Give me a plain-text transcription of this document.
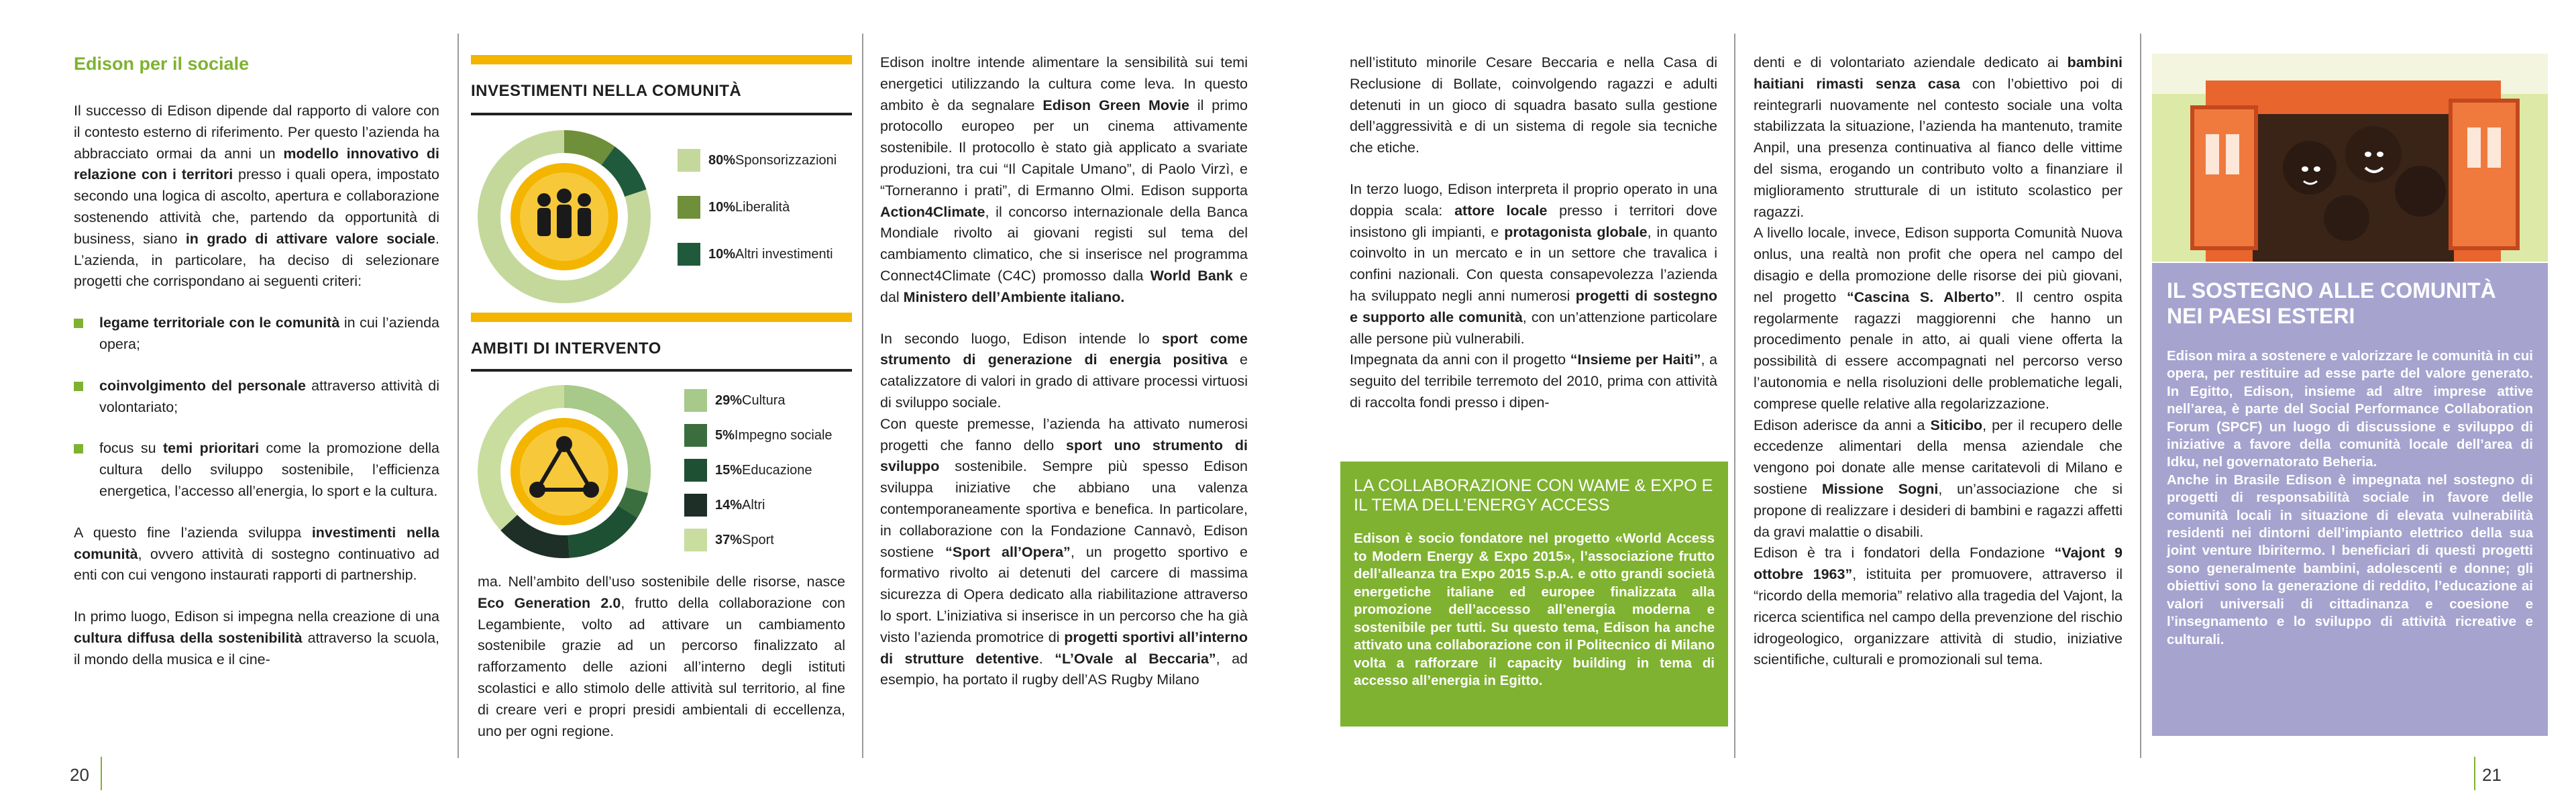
Edison per il sociale

Il successo di Edison dipende dal rapporto di valore con il contesto esterno di riferimento. Per questo l’azienda ha abbracciato ormai da anni un modello innovativo di relazione con i territori presso i quali opera, impostato secondo una logica di ascolto, apertura e collaborazione sostenendo attività che, partendo da opportunità di business, siano in grado di attivare valore sociale. L’azienda, in particolare, ha deciso di selezionare progetti che corrispondano ai seguenti criteri:

legame territoriale con le comunità in cui l’azienda opera;
coinvolgimento del personale attraverso attività di volontariato;
focus su temi prioritari come la promozione della cultura dello sviluppo sostenibile, l’efficienza energetica, l’accesso all’energia, lo sport e la cultura.

A questo fine l’azienda sviluppa investimenti nella comunità, ovvero attività di sostegno continuativo ad enti con cui vengono instaurati rapporti di partnership.

In primo luogo, Edison si impegna nella creazione di una cultura diffusa della sostenibilità attraverso la scuola, il mondo della musica e il cine-

INVESTIMENTI NELLA COMUNITÀ
80% Sponsorizzazioni
10% Liberalità
10% Altri investimenti
AMBITI DI INTERVENTO
29% Cultura
5% Impegno sociale
15% Educazione
14% Altri
37% Sport

ma. Nell’ambito dell’uso sostenibile delle risorse, nasce Eco Generation 2.0, frutto della collaborazione con Legambiente, volto ad attivare un cambiamento sostenibile grazie ad un percorso finalizzato al rafforzamento delle azioni all’interno degli istituti scolastici e allo stimolo delle attività sul territorio, al fine di creare veri e propri presidi ambientali di eccellenza, uno per ogni regione.

Edison inoltre intende alimentare la sensibilità sui temi energetici utilizzando la cultura come leva. In questo ambito è da segnalare Edison Green Movie il primo protocollo europeo per un cinema attivamente sostenibile. Il protocollo è stato già applicato a svariate produzioni, tra cui “Il Capitale Umano”, di Paolo Virzì, e “Torneranno i prati”, di Ermanno Olmi. Edison supporta Action4Climate, il concorso internazionale della Banca Mondiale rivolto ai giovani registi sul tema del cambiamento climatico, che si inserisce nel programma Connect4Climate (C4C) promosso dalla World Bank e dal Ministero dell’Ambiente italiano.

In secondo luogo, Edison intende lo sport come strumento di generazione di energia positiva e catalizzatore di valori in grado di attivare processi virtuosi di sviluppo sociale.

Con queste premesse, l’azienda ha attivato numerosi progetti che fanno dello sport uno strumento di sviluppo sostenibile. Sempre più spesso Edison sviluppa iniziative che abbiano una valenza contemporaneamente sportiva e benefica. In particolare, in collaborazione con la Fondazione Cannavò, Edison sostiene “Sport all’Opera”, un progetto sportivo e formativo rivolto ai detenuti del carcere di massima sicurezza di Opera dedicato alla riabilitazione attraverso lo sport. L’iniziativa si inserisce in un percorso che ha già visto l’azienda promotrice di progetti sportivi all’interno di strutture detentive. “L’Ovale al Beccaria”, ad esempio, ha portato il rugby dell’AS Rugby Milano

20

nell’istituto minorile Cesare Beccaria e nella Casa di Reclusione di Bollate, coinvolgendo ragazzi e adulti detenuti in un gioco di squadra basato sulla gestione dell’aggressività e di un sistema di regole sia tecniche che etiche.

In terzo luogo, Edison interpreta il proprio operato in una doppia scala: attore locale presso i territori dove insistono gli impianti, e protagonista globale, in quanto coinvolto in un mercato e in un settore che travalica i confini nazionali. Con questa consapevolezza l’azienda ha sviluppato negli anni numerosi progetti di sostegno e supporto alle comunità, con un’attenzione particolare alle persone più vulnerabili.

Impegnata da anni con il progetto “Insieme per Haiti”, a seguito del terribile terremoto del 2010, prima con attività di raccolta fondi presso i dipen-

LA COLLABORAZIONE CON WAME & EXPO E IL TEMA DELL’ENERGY ACCESS
Edison è socio fondatore nel progetto «World Access to Modern Energy & Expo 2015», l’associazione frutto dell’alleanza tra Expo 2015 S.p.A. e otto grandi società energetiche italiane ed europee finalizzata alla promozione dell’accesso all’energia moderna e sostenibile per tutti. Su questo tema, Edison ha anche attivato una collaborazione con il Politecnico di Milano volta a rafforzare il capacity building in tema di accesso all’energia in Egitto.

denti e di volontariato aziendale dedicato ai bambini haitiani rimasti senza casa con l’obiettivo poi di reintegrarli nuovamente nel contesto sociale una volta stabilizzata la situazione, l’azienda ha mantenuto, tramite Anpil, una presenza continuativa al fianco delle vittime del sisma, erogando un contributo volto a finanziare il miglioramento strutturale di un istituto scolastico per ragazzi.

A livello locale, invece, Edison supporta Comunità Nuova onlus, una realtà non profit che opera nel campo del disagio e della promozione delle risorse dei più giovani, nel progetto “Cascina S. Alberto”. Il centro ospita regolarmente ragazzi maggiorenni che hanno un procedimento penale in atto, ai quali viene offerta la possibilità di essere accompagnati nel percorso verso l’autonomia e nella risoluzioni delle problematiche legali, comprese quelle relative alla regolarizzazione.

Edison aderisce da anni a Siticibo, per il recupero delle eccedenze alimentari della mensa aziendale che vengono poi donate alle mense caritatevoli di Milano e sostiene Missione Sogni, un’associazione che si propone di realizzare i desideri di bambini e ragazzi affetti da gravi malattie o disabili.

Edison è tra i fondatori della Fondazione “Vajont 9 ottobre 1963”, istituita per promuovere, attraverso il “ricordo della memoria” relativo alla tragedia del Vajont, la ricerca scientifica nel campo della prevenzione del rischio idrogeologico, organizzare attività di studio, iniziative scientifiche, culturali e promozionali sul tema.

IL SOSTEGNO ALLE COMUNITÀ NEI PAESI ESTERI
Edison mira a sostenere e valorizzare le comunità in cui opera, per restituire ad esse parte del valore generato. In Egitto, Edison, insieme ad altre imprese attive nell’area, è parte del Social Performance Collaboration Forum (SPCF) un luogo di discussione e sviluppo di iniziative a favore della comunità locale dell’area di Idku, nel governatorato Beheria.
Anche in Brasile Edison è impegnata nel sostegno di progetti di responsabilità sociale in favore delle comunità locali in situazione di elevata vulnerabilità residenti nei dintorni dell’impianto elettrico della sua joint venture Ibiritermo. I beneficiari di questi progetti sono generalmente bambini, adolescenti e donne; gli obiettivi sono la generazione di reddito, l’educazione ai valori universali di cittadinanza e coesione e l’insegnamento e lo sviluppo di attività ricreative e culturali.
21
